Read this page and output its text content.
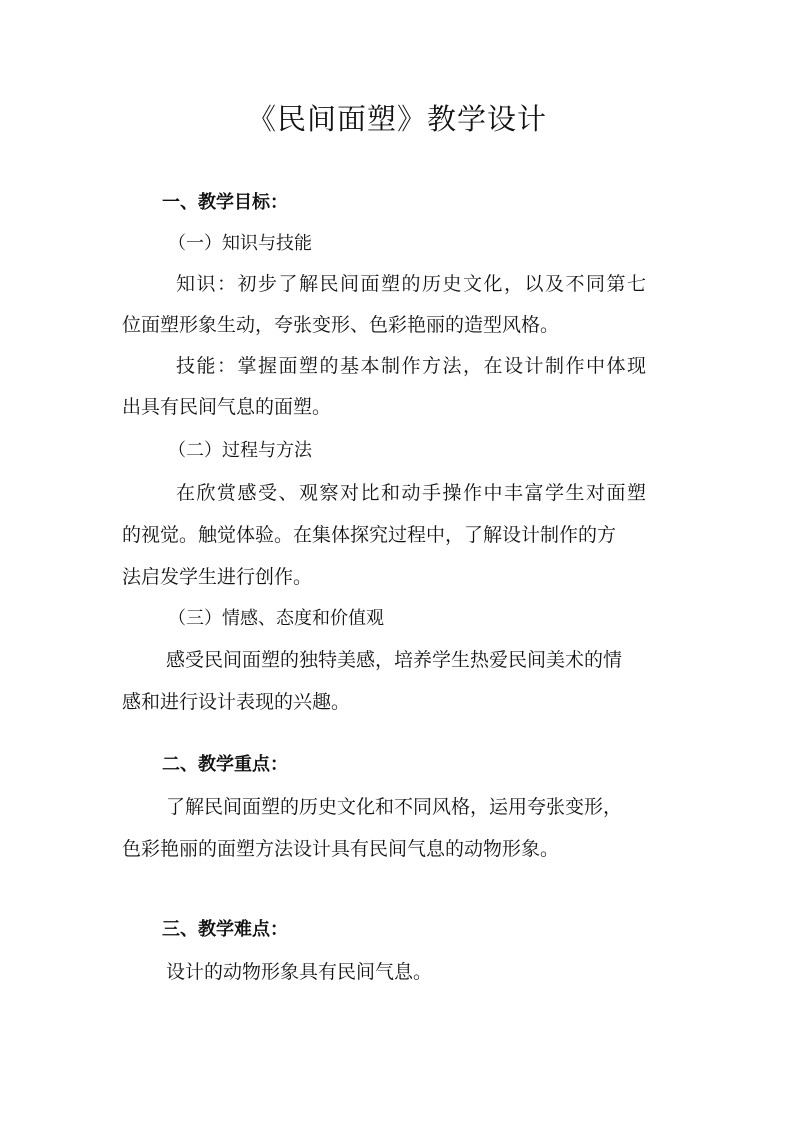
《民间面塑》教学设计
一、教学目标：
（一）知识与技能
知识：初步了解民间面塑的历史文化，以及不同第七
位面塑形象生动，夸张变形、色彩艳丽的造型风格。
技能：掌握面塑的基本制作方法，在设计制作中体现
出具有民间气息的面塑。
（二）过程与方法
在欣赏感受、观察对比和动手操作中丰富学生对面塑
的视觉。触觉体验。在集体探究过程中，了解设计制作的方
法启发学生进行创作。
（三）情感、态度和价值观
感受民间面塑的独特美感，培养学生热爱民间美术的情
感和进行设计表现的兴趣。
二、教学重点：
了解民间面塑的历史文化和不同风格，运用夸张变形，
色彩艳丽的面塑方法设计具有民间气息的动物形象。
三、教学难点：
设计的动物形象具有民间气息。
